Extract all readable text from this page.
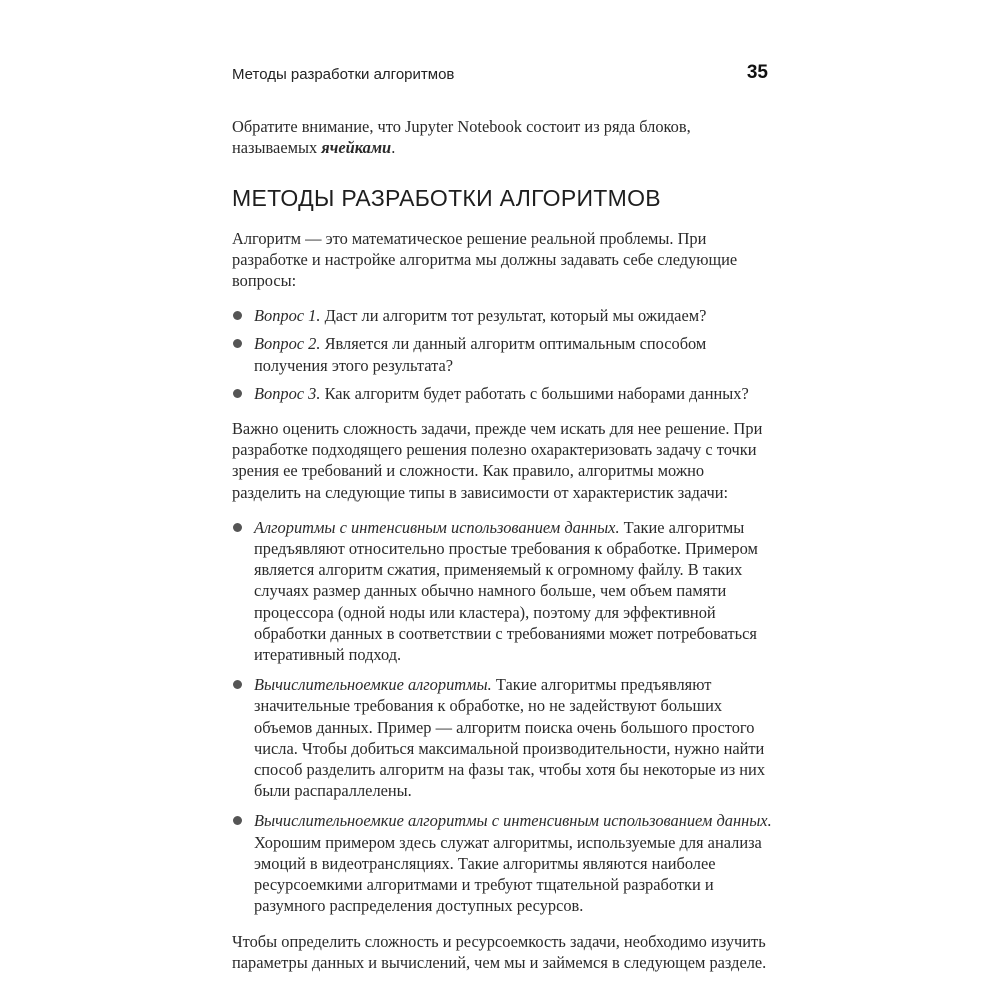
Методы разработки алгоритмов	35

Обратите внимание, что Jupyter Notebook состоит из ряда блоков, называемых ячейками.

МЕТОДЫ РАЗРАБОТКИ АЛГОРИТМОВ

Алгоритм — это математическое решение реальной проблемы. При разработке и настройке алгоритма мы должны задавать себе следующие вопросы:

Вопрос 1. Даст ли алгоритм тот результат, который мы ожидаем?
Вопрос 2. Является ли данный алгоритм оптимальным способом получения этого результата?
Вопрос 3. Как алгоритм будет работать с большими наборами данных?

Важно оценить сложность задачи, прежде чем искать для нее решение. При разработке подходящего решения полезно охарактеризовать задачу с точки зрения ее требований и сложности. Как правило, алгоритмы можно разделить на следующие типы в зависимости от характеристик задачи:

Алгоритмы с интенсивным использованием данных. Такие алгоритмы предъявляют относительно простые требования к обработке. Примером является алгоритм сжатия, применяемый к огромному файлу. В таких случаях размер данных обычно намного больше, чем объем памяти процессора (одной ноды или кластера), поэтому для эффективной обработки данных в соответствии с требованиями может потребоваться итеративный подход.
Вычислительноемкие алгоритмы. Такие алгоритмы предъявляют значительные требования к обработке, но не задействуют больших объемов данных. Пример — алгоритм поиска очень большого простого числа. Чтобы добиться максимальной производительности, нужно найти способ разделить алгоритм на фазы так, чтобы хотя бы некоторые из них были распараллелены.
Вычислительноемкие алгоритмы с интенсивным использованием данных. Хорошим примером здесь служат алгоритмы, используемые для анализа эмоций в видеотрансляциях. Такие алгоритмы являются наиболее ресурсоемкими алгоритмами и требуют тщательной разработки и разумного распределения доступных ресурсов.

Чтобы определить сложность и ресурсоемкость задачи, необходимо изучить параметры данных и вычислений, чем мы и займемся в следующем разделе.
